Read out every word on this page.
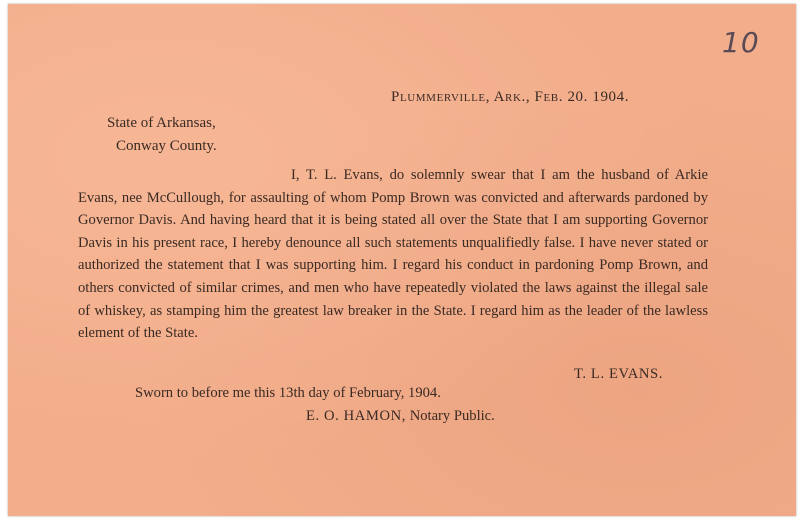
10
Plummerville, Ark., Feb. 20. 1904.
State of Arkansas,
Conway County.

I, T. L. Evans, do solemnly swear that I am the husband of Arkie Evans, nee McCullough, for assaulting of whom Pomp Brown was convicted and afterwards pardoned by Governor Davis. And having heard that it is being stated all over the State that I am supporting Governor Davis in his present race, I hereby denounce all such statements unqualifiedly false. I have never stated or authorized the statement that I was supporting him. I regard his conduct in pardoning Pomp Brown, and others convicted of similar crimes, and men who have repeatedly violated the laws against the illegal sale of whiskey, as stamping him the greatest law breaker in the State. I regard him as the leader of the lawless element of the State.

T. L. EVANS.
Sworn to before me this 13th day of February, 1904.
E. O. HAMON, Notary Public.
